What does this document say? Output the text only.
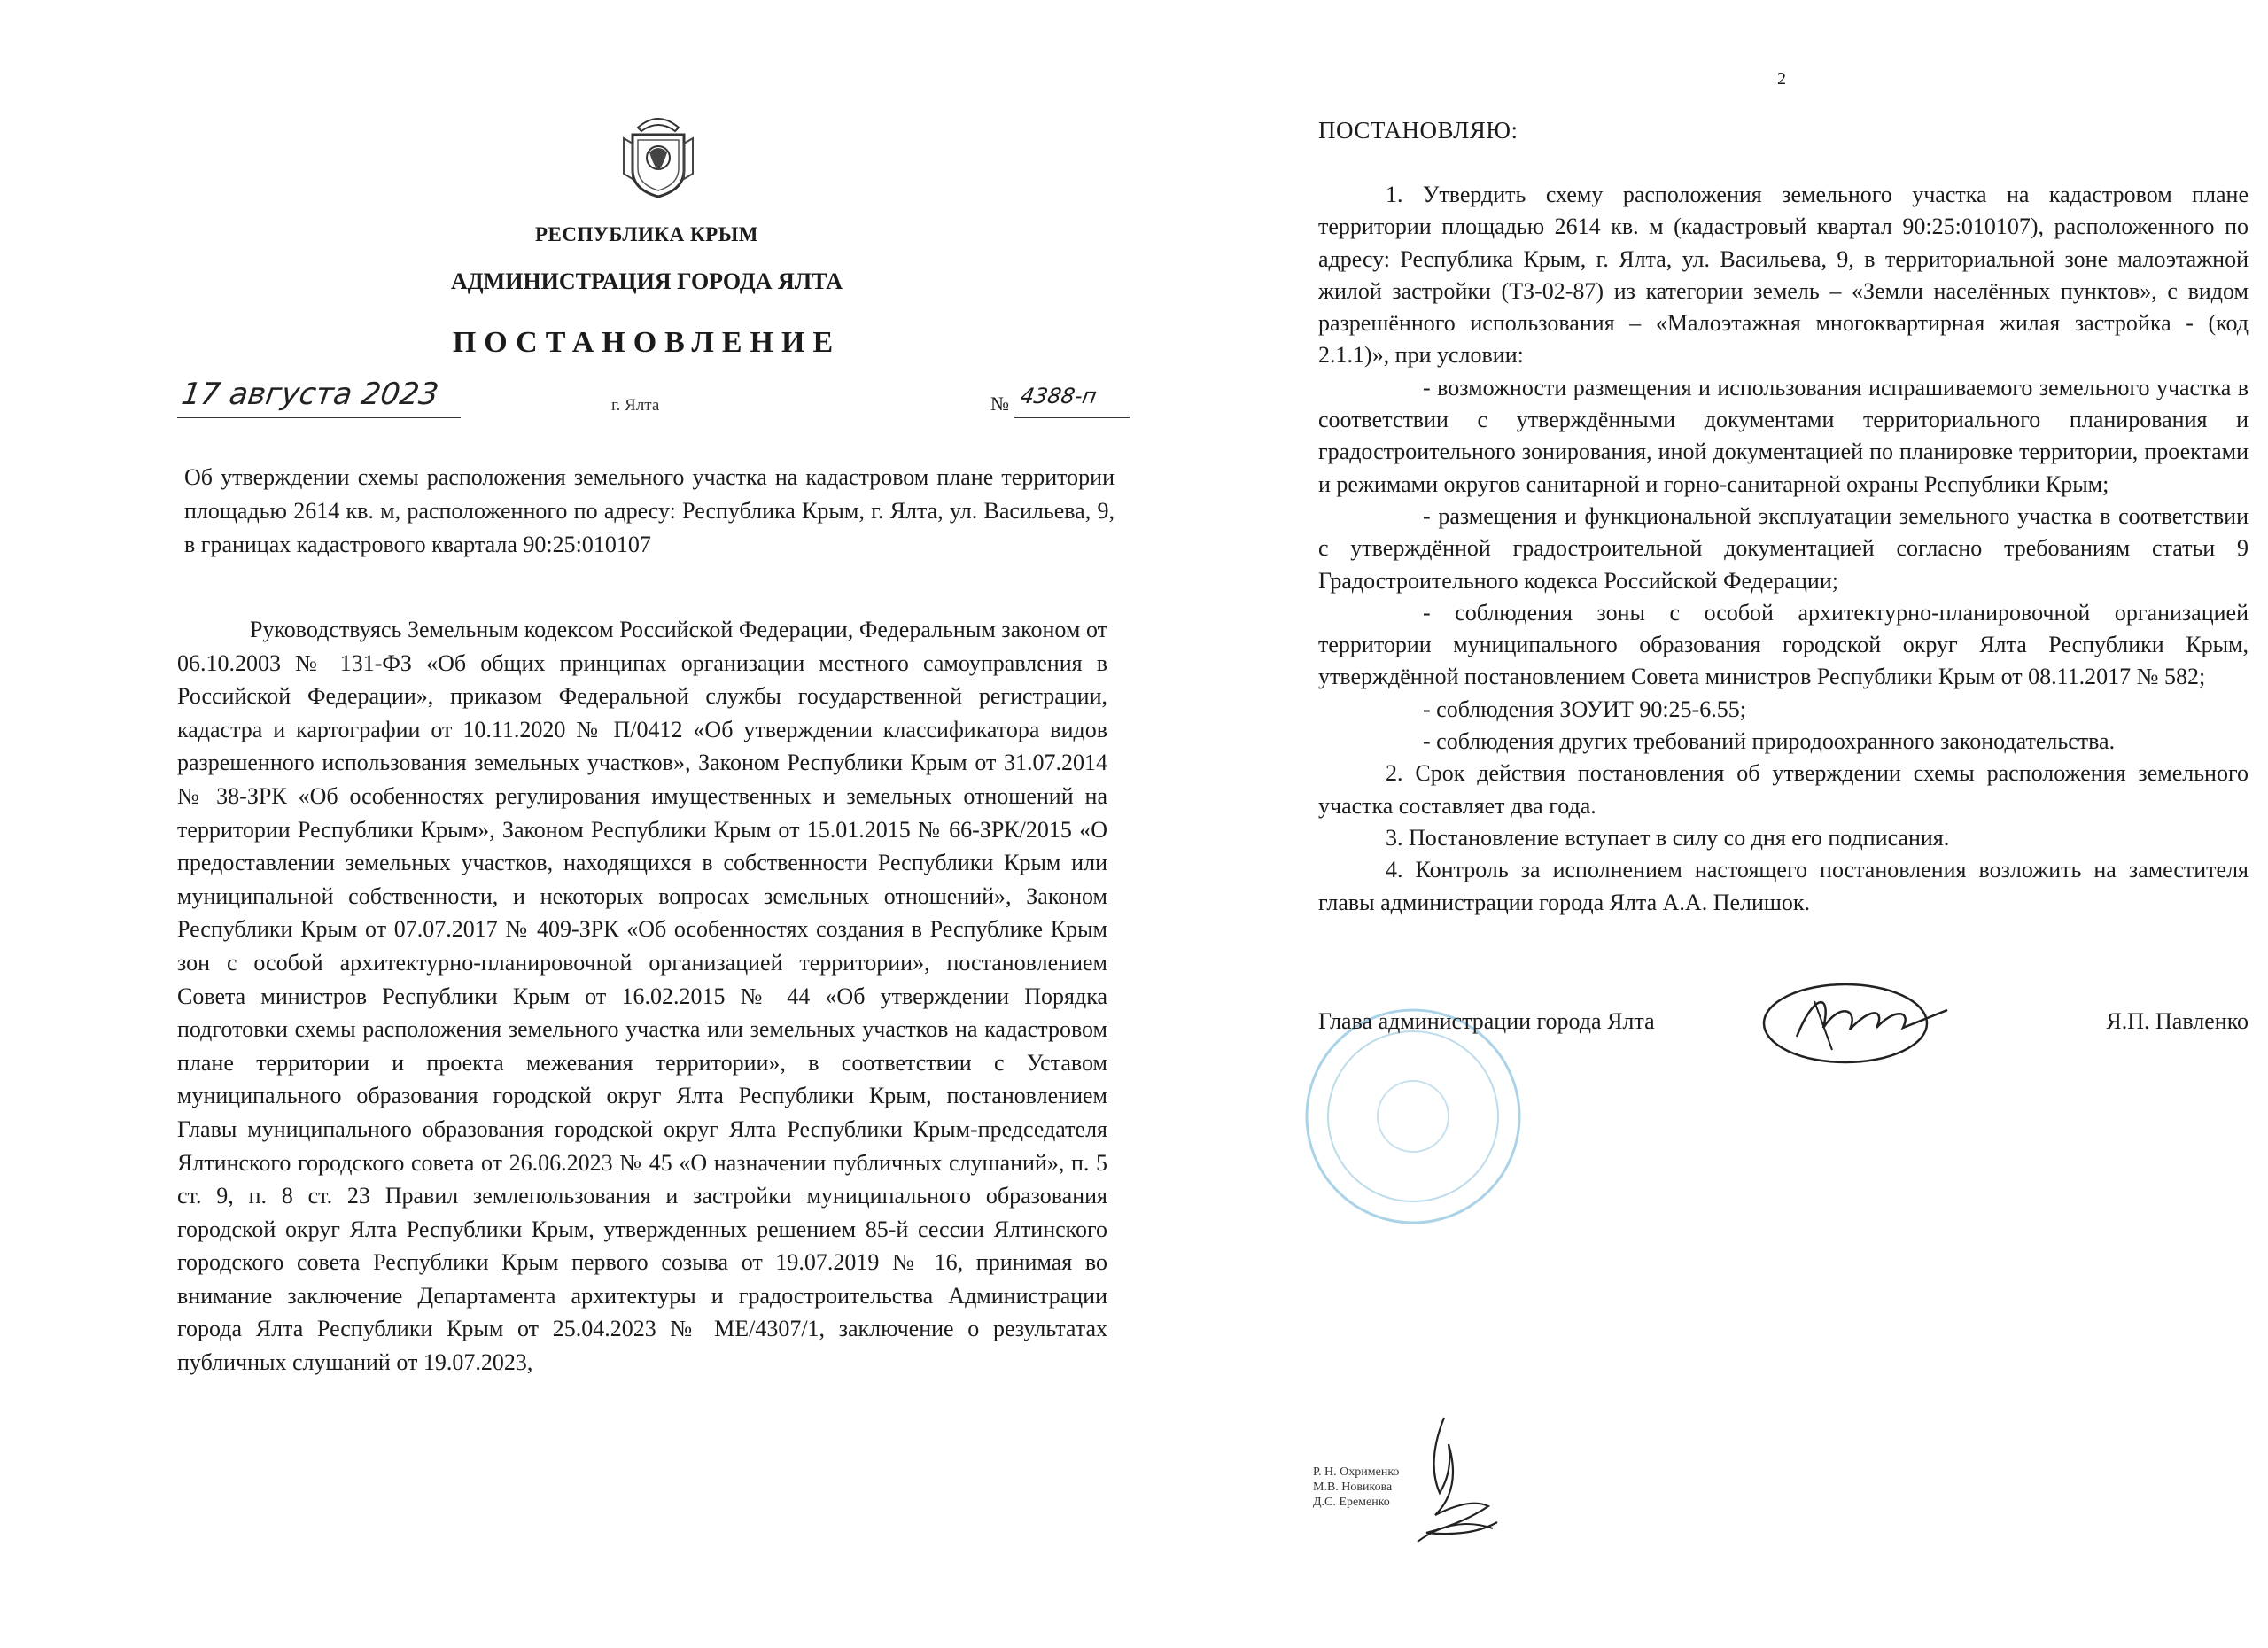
РЕСПУБЛИКА КРЫМ
АДМИНИСТРАЦИЯ ГОРОДА ЯЛТА
ПОСТАНОВЛЕНИЕ
17 августа 2023	г. Ялта	№ 4388-п
Об утверждении схемы расположения земельного участка на кадастровом плане территории площадью 2614 кв. м, расположенного по адресу: Республика Крым, г. Ялта, ул. Васильева, 9, в границах кадастрового квартала 90:25:010107
Руководствуясь Земельным кодексом Российской Федерации, Федеральным законом от 06.10.2003 № 131-ФЗ «Об общих принципах организации местного самоуправления в Российской Федерации», приказом Федеральной службы государственной регистрации, кадастра и картографии от 10.11.2020 № П/0412 «Об утверждении классификатора видов разрешенного использования земельных участков», Законом Республики Крым от 31.07.2014 № 38-ЗРК «Об особенностях регулирования имущественных и земельных отношений на территории Республики Крым», Законом Республики Крым от 15.01.2015 № 66-ЗРК/2015 «О предоставлении земельных участков, находящихся в собственности Республики Крым или муниципальной собственности, и некоторых вопросах земельных отношений», Законом Республики Крым от 07.07.2017 № 409-ЗРК «Об особенностях создания в Республике Крым зон с особой архитектурно-планировочной организацией территории», постановлением Совета министров Республики Крым от 16.02.2015 № 44 «Об утверждении Порядка подготовки схемы расположения земельного участка или земельных участков на кадастровом плане территории и проекта межевания территории», в соответствии с Уставом муниципального образования городской округ Ялта Республики Крым, постановлением Главы муниципального образования городской округ Ялта Республики Крым-председателя Ялтинского городского совета от 26.06.2023 № 45 «О назначении публичных слушаний», п. 5 ст. 9, п. 8 ст. 23 Правил землепользования и застройки муниципального образования городской округ Ялта Республики Крым, утвержденных решением 85-й сессии Ялтинского городского совета Республики Крым первого созыва от 19.07.2019 № 16, принимая во внимание заключение Департамента архитектуры и градостроительства Администрации города Ялта Республики Крым от 25.04.2023 № МЕ/4307/1, заключение о результатах публичных слушаний от 19.07.2023,
2
ПОСТАНОВЛЯЮ:

1. Утвердить схему расположения земельного участка на кадастровом плане территории площадью 2614 кв. м (кадастровый квартал 90:25:010107), расположенного по адресу: Республика Крым, г. Ялта, ул. Васильева, 9, в территориальной зоне малоэтажной жилой застройки (ТЗ-02-87) из категории земель – «Земли населённых пунктов», с видом разрешённого использования – «Малоэтажная многоквартирная жилая застройка - (код 2.1.1)», при условии:

- возможности размещения и использования испрашиваемого земельного участка в соответствии с утверждёнными документами территориального планирования и градостроительного зонирования, иной документацией по планировке территории, проектами и режимами округов санитарной и горно-санитарной охраны Республики Крым;

- размещения и функциональной эксплуатации земельного участка в соответствии с утверждённой градостроительной документацией согласно требованиям статьи 9 Градостроительного кодекса Российской Федерации;

- соблюдения зоны с особой архитектурно-планировочной организацией территории муниципального образования городской округ Ялта Республики Крым, утверждённой постановлением Совета министров Республики Крым от 08.11.2017 № 582;

- соблюдения ЗОУИТ 90:25-6.55;

- соблюдения других требований природоохранного законодательства.

2. Срок действия постановления об утверждении схемы расположения земельного участка составляет два года.

3. Постановление вступает в силу со дня его подписания.

4. Контроль за исполнением настоящего постановления возложить на заместителя главы администрации города Ялта А.А. Пелишок.

Глава администрации города Ялта	Я.П. Павленко
Р. Н. Охрименко
М.В. Новикова
Д.С. Еременко
